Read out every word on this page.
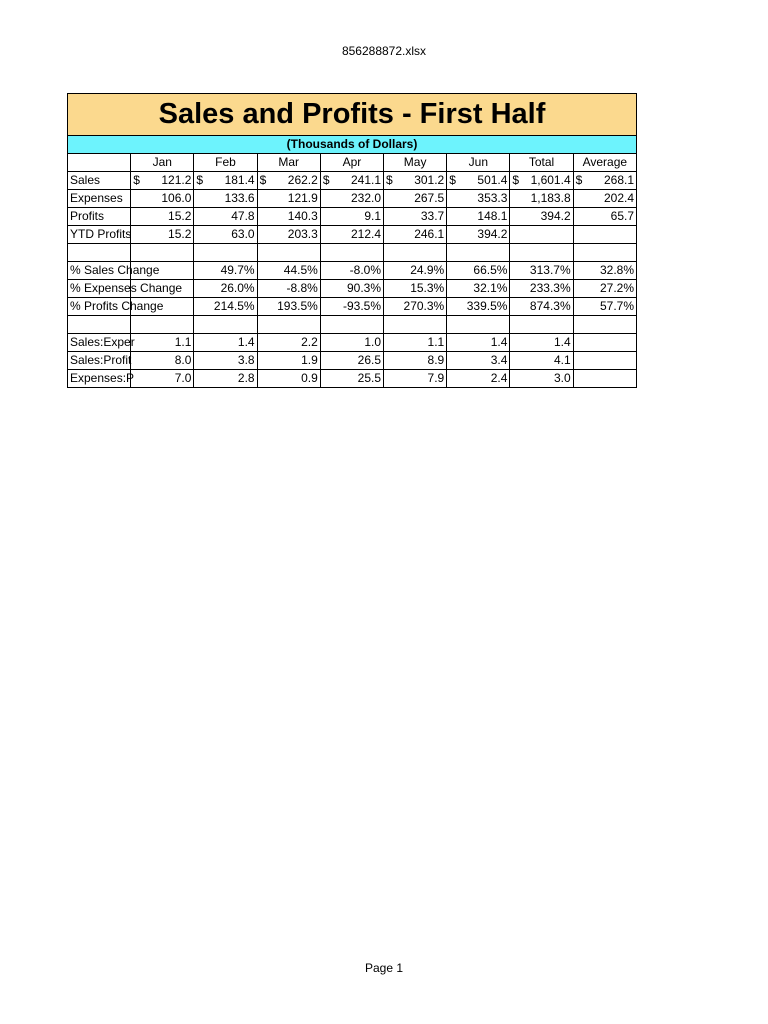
856288872.xlsx
Sales and Profits - First Half								
(Thousands of Dollars)								
	Jan	Feb	Mar	Apr	May	Jun	Total	Average
Sales	$ 121.2	$ 181.4	$ 262.2	$ 241.1	$ 301.2	$ 501.4	$ 1,601.4	$ 268.1

Expenses	106.0	133.6	121.9	232.0	267.5	353.3	1,183.8	202.4
Profits	15.2	47.8	140.3	9.1	33.7	148.1	394.2	65.7
YTD Profits	15.2	63.0	203.3	212.4	246.1	394.2		

% Sales Change		49.7%	44.5%	-8.0%	24.9%	66.5%	313.7%	32.8%
% Expenses Change		26.0%	-8.8%	90.3%	15.3%	32.1%	233.3%	27.2%
% Profits Change		214.5%	193.5%	-93.5%	270.3%	339.5%	874.3%	57.7%

Sales:Exper	1.1	1.4	2.2	1.0	1.1	1.4	1.4	
Sales:Profit	8.0	3.8	1.9	26.5	8.9	3.4	4.1	
Expenses:P	7.0	2.8	0.9	25.5	7.9	2.4	3.0	
Page 1
